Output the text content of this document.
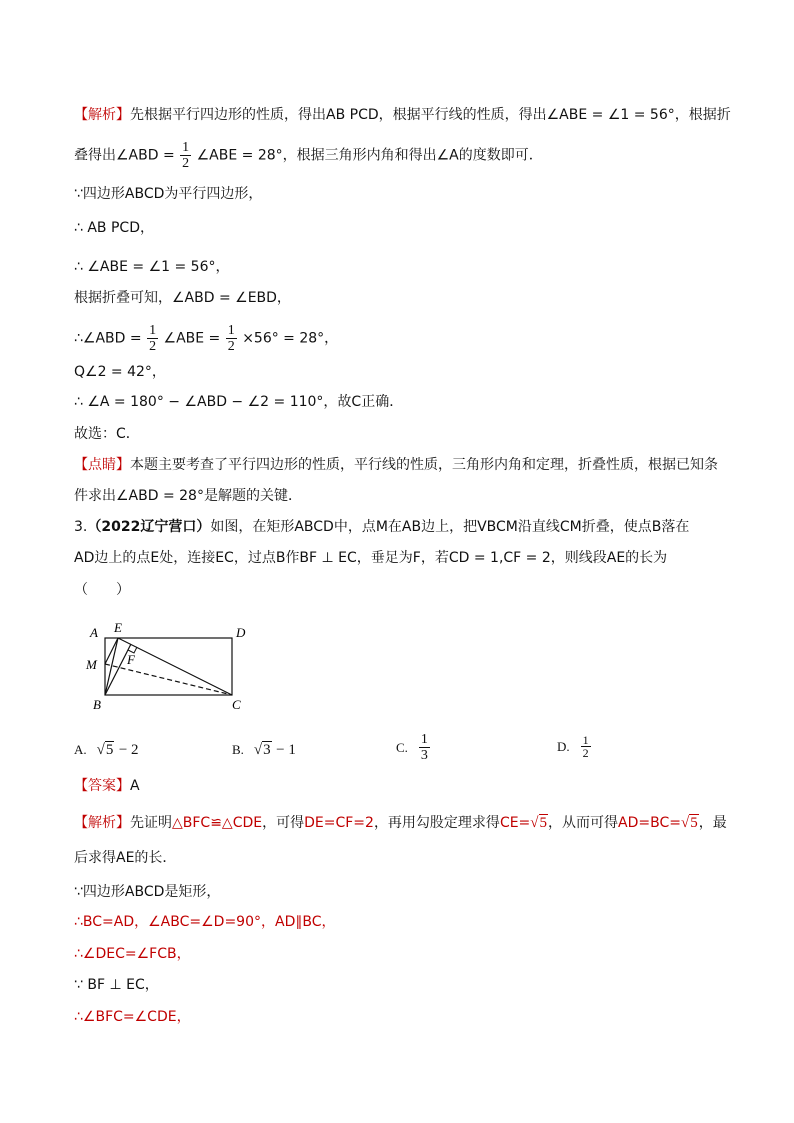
【解析】先根据平行四边形的性质，得出AB PCD，根据平行线的性质，得出∠ABE = ∠1 = 56°，根据折
叠得出∠ABD = $\frac{1}{2}$ ∠ABE = 28°，根据三角形内角和得出∠A的度数即可．
∵四边形ABCD为平行四边形，
∴ AB PCD，
∴ ∠ABE = ∠1 = 56°，
根据折叠可知，∠ABD = ∠EBD，
∴∠ABD = $\frac{1}{2}$ ∠ABE = $\frac{1}{2} \times 56^\circ = 28^\circ$，
Q∠2 = 42°，
∴ ∠A = 180° − ∠ABD − ∠2 = 110°，故C正确．
故选：C．
【点睛】本题主要考查了平行四边形的性质，平行线的性质，三角形内角和定理，折叠性质，根据已知条
件求出∠ABD = 28°是解题的关键．
3.（2022辽宁营口）如图，在矩形ABCD中，点M在AB边上，把VBCM沿直线CM折叠，使点B落在
AD边上的点E处，连接EC，过点B作BF ⊥ EC，垂足为F，若CD = 1,CF = 2，则线段AE的长为
（　　）
A E	D
M F
B	C
A. √5 − 2	B. √3 − 1	C. $\frac{1}{3}$	D. $\frac{1}{2}$
【答案】A
【解析】先证明△BFC≌△CDE，可得DE=CF=2，再用勾股定理求得CE=√5，从而可得AD=BC=√5，最
后求得AE的长．
∵四边形ABCD是矩形，
∴BC=AD，∠ABC=∠D=90°，AD∥BC，
∴∠DEC=∠FCB，
∵ BF ⊥ EC，
∴∠BFC=∠CDE，
